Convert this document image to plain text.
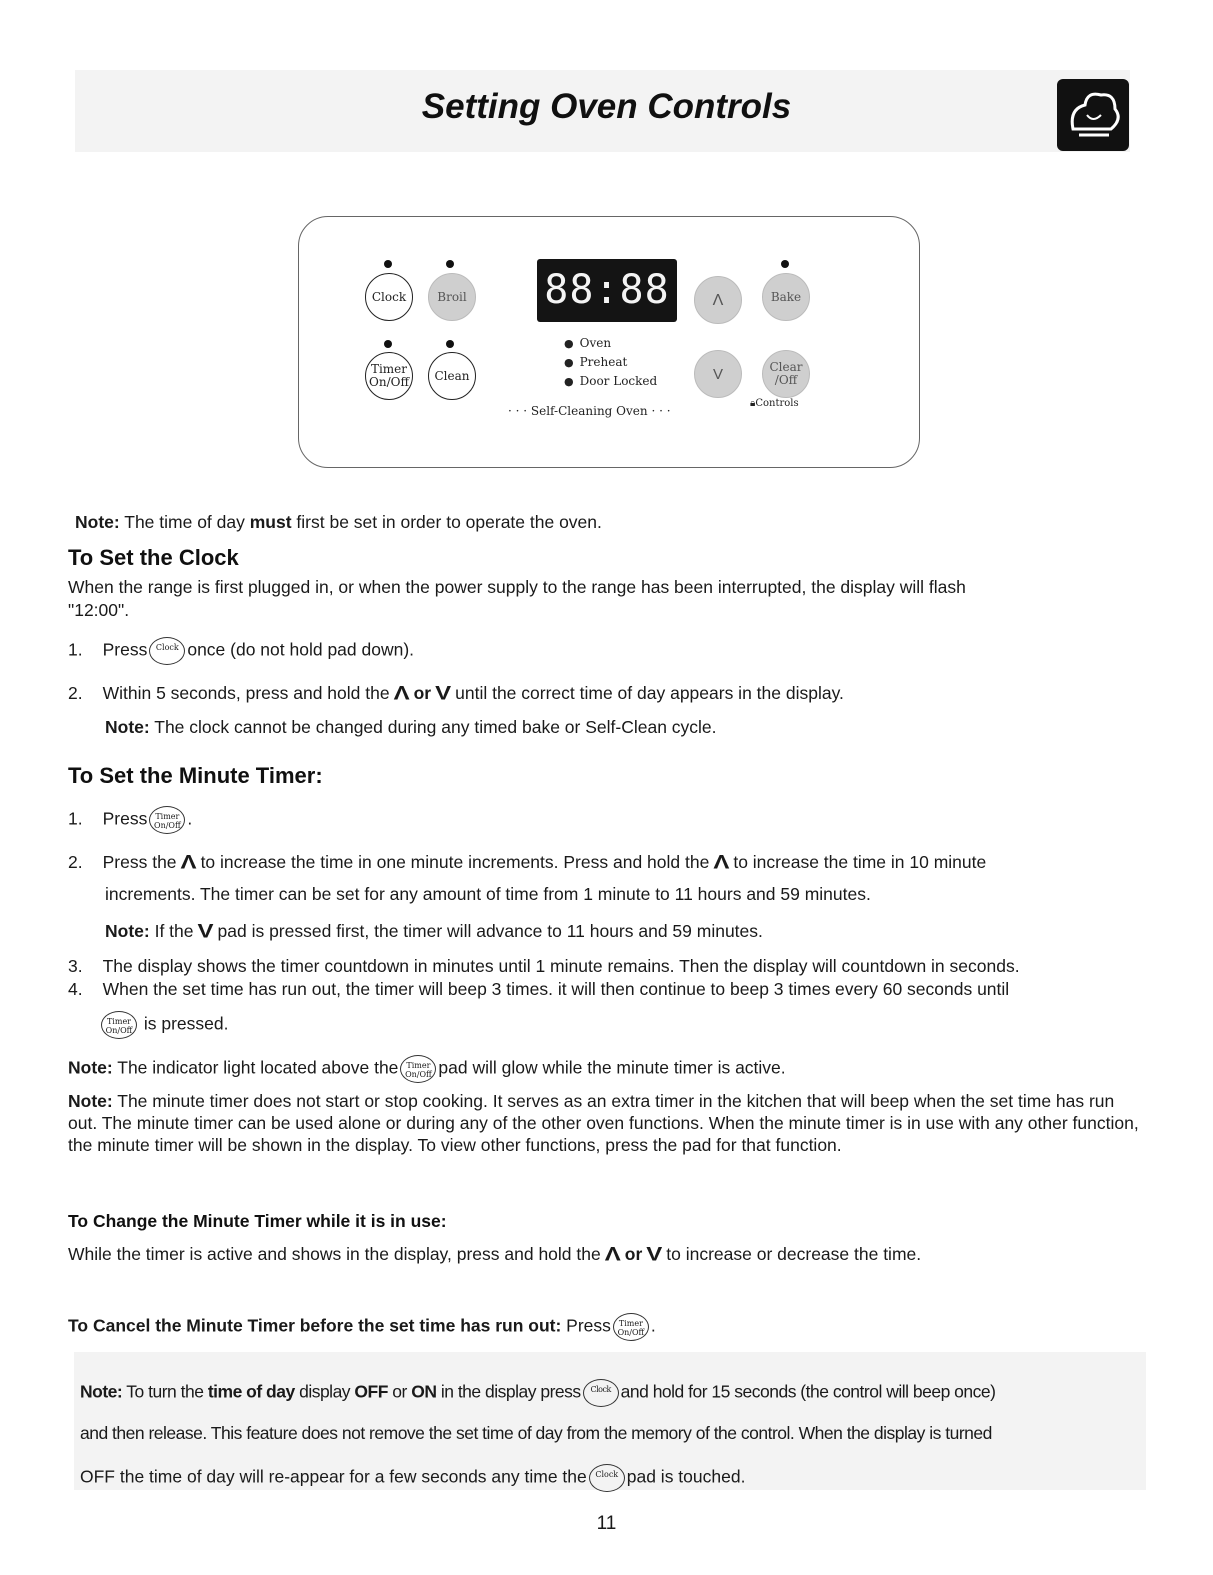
Setting Oven Controls
Clock	Broil
Timer
On/Off Clean
88:88	Λ	Bake
V	Clear
/Off
● Oven
● Preheat
● Door Locked
· · · Self-Cleaning Oven · · ·
🔒︎Controls
Note: The time of day must first be set in order to operate the oven.
To Set the Clock
When the range is first plugged in, or when the power supply to the range has been interrupted, the display will flash
"12:00".
1. Press Clock once (do not hold pad down).
2. Within 5 seconds, press and hold the Λ or V until the correct time of day appears in the display.
Note: The clock cannot be changed during any timed bake or Self-Clean cycle.
To Set the Minute Timer:
1. Press Timer
On/Off .
2. Press the Λ to increase the time in one minute increments. Press and hold the Λ to increase the time in 10 minute
increments. The timer can be set for any amount of time from 1 minute to 11 hours and 59 minutes.
Note: If the V pad is pressed first, the timer will advance to 11 hours and 59 minutes.
3. The display shows the timer countdown in minutes until 1 minute remains. Then the display will countdown in seconds.
4. When the set time has run out, the timer will beep 3 times. it will then continue to beep 3 times every 60 seconds until
Timer
On/Off is pressed.
Note: The indicator light located above the Timer
On/Off pad will glow while the minute timer is active.
Note: The minute timer does not start or stop cooking. It serves as an extra timer in the kitchen that will beep when the set time has run out. The minute timer can be used alone or during any of the other oven functions. When the minute timer is in use with any other function, the minute timer will be shown in the display. To view other functions, press the pad for that function.
To Change the Minute Timer while it is in use:
While the timer is active and shows in the display, press and hold the Λ or V to increase or decrease the time.
To Cancel the Minute Timer before the set time has run out: Press Timer
On/Off .
Note: To turn the time of day display OFF or ON in the display press Clock and hold for 15 seconds (the control will beep once)
and then release. This feature does not remove the set time of day from the memory of the control. When the display is turned
OFF the time of day will re-appear for a few seconds any time the Clock pad is touched.
11
